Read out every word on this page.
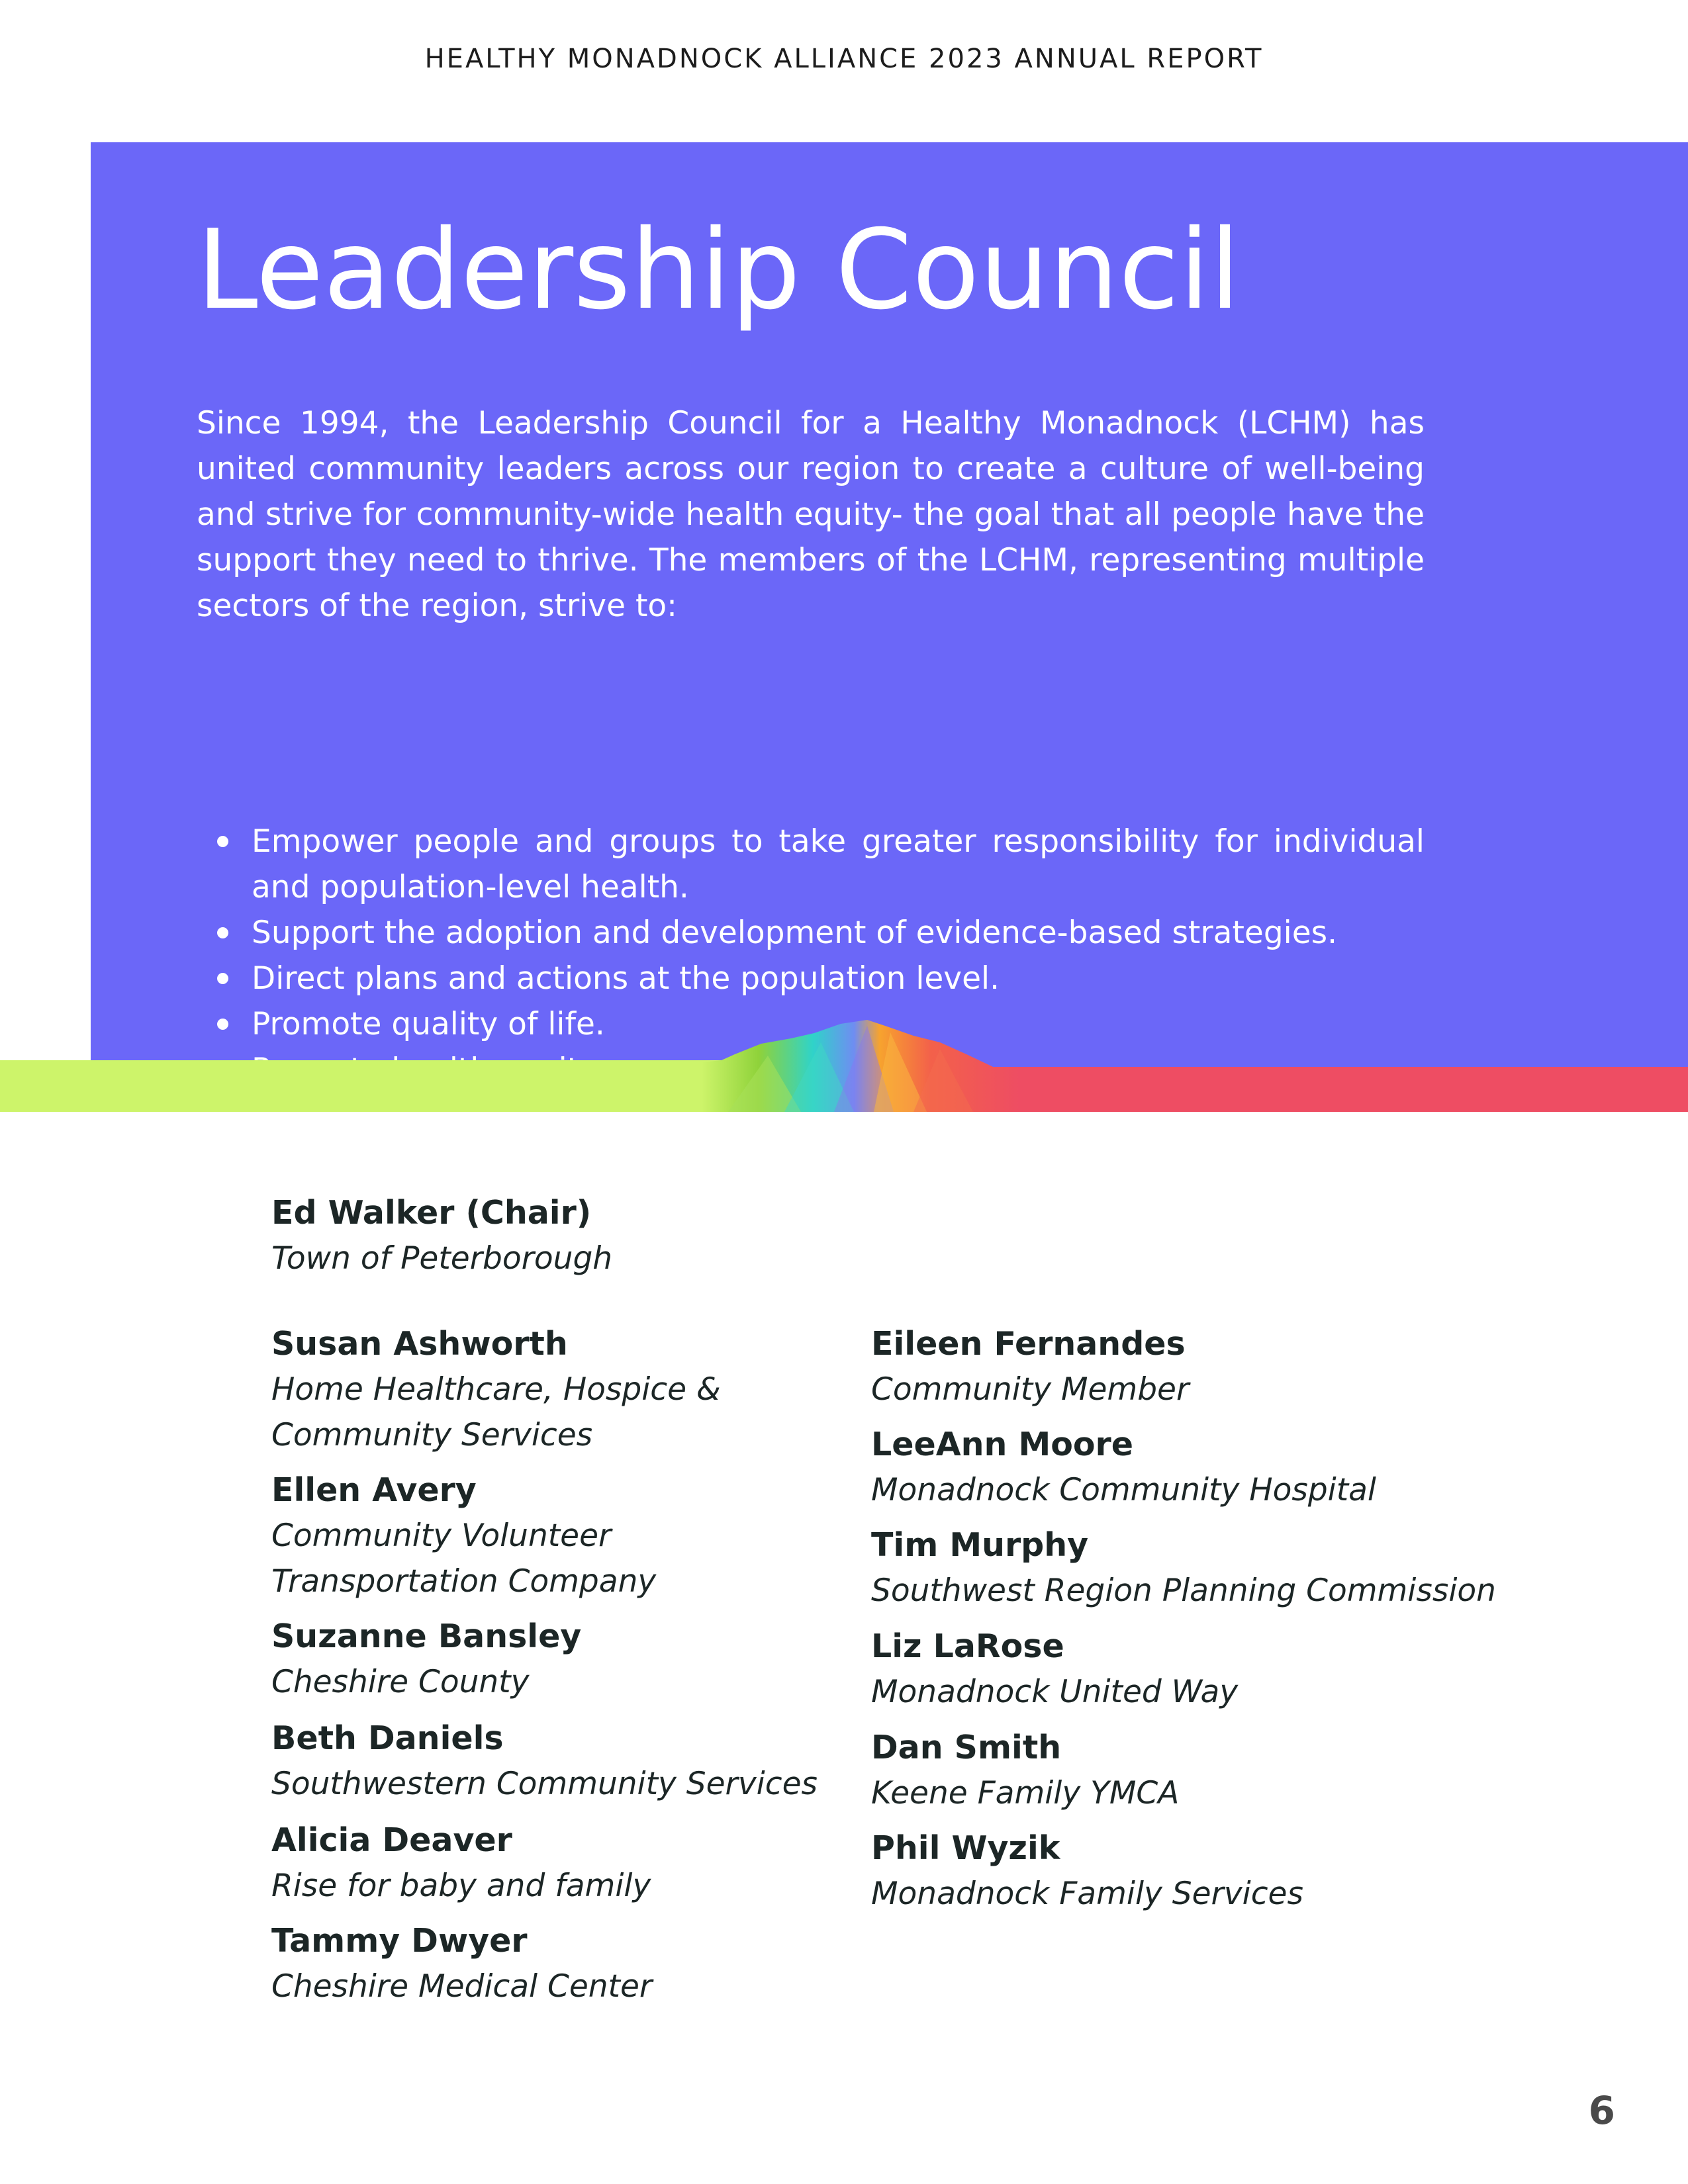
HEALTHY MONADNOCK ALLIANCE 2023 ANNUAL REPORT
Leadership Council

Since 1994, the Leadership Council for a Healthy Monadnock (LCHM) has united community leaders across our region to create a culture of well-being and strive for community-wide health equity- the goal that all people have the support they need to thrive. The members of the LCHM, representing multiple sectors of the region, strive to:

Empower people and groups to take greater responsibility for individual and population-level health.
Support the adoption and development of evidence-based strategies.
Direct plans and actions at the population level.
Promote quality of life.
Ed Walker (Chair)
Town of Peterborough
Susan Ashworth
Home Healthcare, Hospice &
Community Services
Ellen Avery
Community Volunteer
Transportation Company
Suzanne Bansley
Cheshire County
Beth Daniels
Southwestern Community Services
Alicia Deaver
Rise for baby and family
Tammy Dwyer
Cheshire Medical Center
Eileen Fernandes
Community Member
LeeAnn Moore
Monadnock Community Hospital
Tim Murphy
Southwest Region Planning Commission
Liz LaRose
Monadnock United Way
Dan Smith
Keene Family YMCA
Phil Wyzik
Monadnock Family Services
6
